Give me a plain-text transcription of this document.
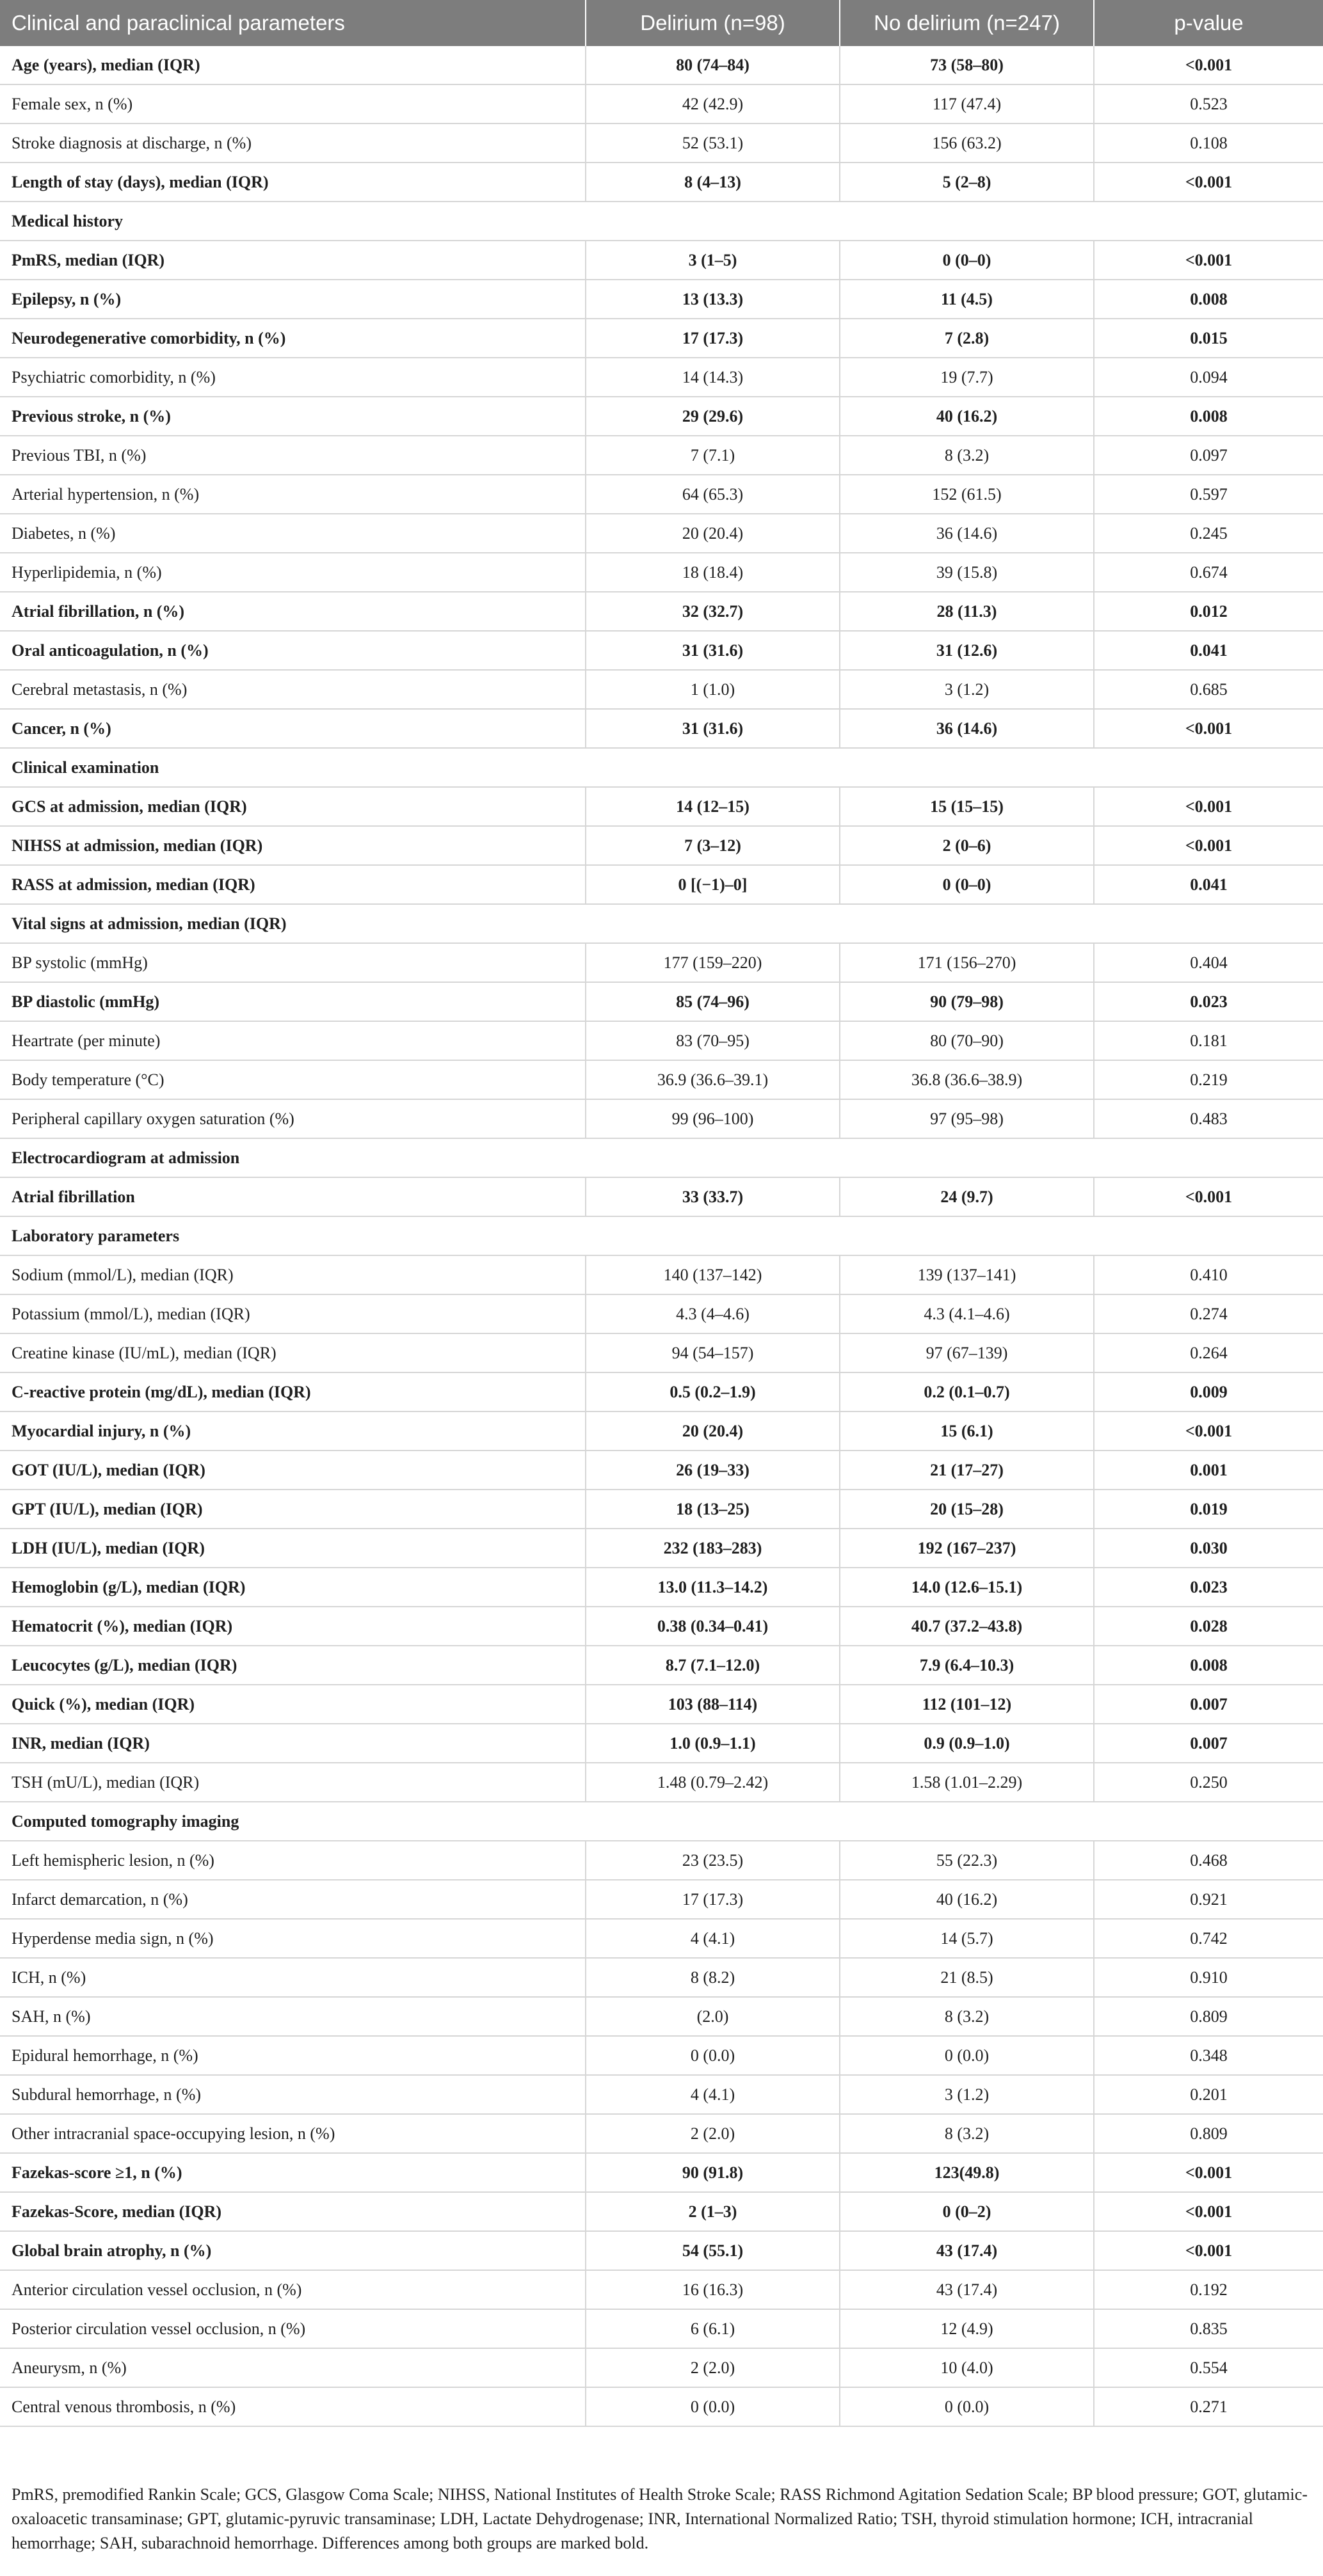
Clinical and paraclinical parameters	Delirium (n=98)	No delirium (n=247)	p-value
Age (years), median (IQR)	80 (74–84)	73 (58–80)	<0.001
Female sex, n (%)	42 (42.9)	117 (47.4)	0.523
Stroke diagnosis at discharge, n (%)	52 (53.1)	156 (63.2)	0.108
Length of stay (days), median (IQR)	8 (4–13)	5 (2–8)	<0.001
Medical history			
PmRS, median (IQR)	3 (1–5)	0 (0–0)	<0.001
Epilepsy, n (%)	13 (13.3)	11 (4.5)	0.008
Neurodegenerative comorbidity, n (%)	17 (17.3)	7 (2.8)	0.015
Psychiatric comorbidity, n (%)	14 (14.3)	19 (7.7)	0.094
Previous stroke, n (%)	29 (29.6)	40 (16.2)	0.008
Previous TBI, n (%)	7 (7.1)	8 (3.2)	0.097
Arterial hypertension, n (%)	64 (65.3)	152 (61.5)	0.597
Diabetes, n (%)	20 (20.4)	36 (14.6)	0.245
Hyperlipidemia, n (%)	18 (18.4)	39 (15.8)	0.674
Atrial fibrillation, n (%)	32 (32.7)	28 (11.3)	0.012
Oral anticoagulation, n (%)	31 (31.6)	31 (12.6)	0.041
Cerebral metastasis, n (%)	1 (1.0)	3 (1.2)	0.685
Cancer, n (%)	31 (31.6)	36 (14.6)	<0.001
Clinical examination			
GCS at admission, median (IQR)	14 (12–15)	15 (15–15)	<0.001
NIHSS at admission, median (IQR)	7 (3–12)	2 (0–6)	<0.001
RASS at admission, median (IQR)	0 [(−1)–0]	0 (0–0)	0.041
Vital signs at admission, median (IQR)			
BP systolic (mmHg)	177 (159–220)	171 (156–270)	0.404
BP diastolic (mmHg)	85 (74–96)	90 (79–98)	0.023
Heartrate (per minute)	83 (70–95)	80 (70–90)	0.181
Body temperature (°C)	36.9 (36.6–39.1)	36.8 (36.6–38.9)	0.219
Peripheral capillary oxygen saturation (%)	99 (96–100)	97 (95–98)	0.483
Electrocardiogram at admission			
Atrial fibrillation	33 (33.7)	24 (9.7)	<0.001
Laboratory parameters			
Sodium (mmol/L), median (IQR)	140 (137–142)	139 (137–141)	0.410
Potassium (mmol/L), median (IQR)	4.3 (4–4.6)	4.3 (4.1–4.6)	0.274
Creatine kinase (IU/mL), median (IQR)	94 (54–157)	97 (67–139)	0.264
C-reactive protein (mg/dL), median (IQR)	0.5 (0.2–1.9)	0.2 (0.1–0.7)	0.009
Myocardial injury, n (%)	20 (20.4)	15 (6.1)	<0.001
GOT (IU/L), median (IQR)	26 (19–33)	21 (17–27)	0.001
GPT (IU/L), median (IQR)	18 (13–25)	20 (15–28)	0.019
LDH (IU/L), median (IQR)	232 (183–283)	192 (167–237)	0.030
Hemoglobin (g/L), median (IQR)	13.0 (11.3–14.2)	14.0 (12.6–15.1)	0.023
Hematocrit (%), median (IQR)	0.38 (0.34–0.41)	40.7 (37.2–43.8)	0.028
Leucocytes (g/L), median (IQR)	8.7 (7.1–12.0)	7.9 (6.4–10.3)	0.008
Quick (%), median (IQR)	103 (88–114)	112 (101–12)	0.007
INR, median (IQR)	1.0 (0.9–1.1)	0.9 (0.9–1.0)	0.007
TSH (mU/L), median (IQR)	1.48 (0.79–2.42)	1.58 (1.01–2.29)	0.250
Computed tomography imaging			
Left hemispheric lesion, n (%)	23 (23.5)	55 (22.3)	0.468
Infarct demarcation, n (%)	17 (17.3)	40 (16.2)	0.921
Hyperdense media sign, n (%)	4 (4.1)	14 (5.7)	0.742
ICH, n (%)	8 (8.2)	21 (8.5)	0.910
SAH, n (%)	(2.0)	8 (3.2)	0.809
Epidural hemorrhage, n (%)	0 (0.0)	0 (0.0)	0.348
Subdural hemorrhage, n (%)	4 (4.1)	3 (1.2)	0.201
Other intracranial space-occupying lesion, n (%)	2 (2.0)	8 (3.2)	0.809
Fazekas-score ≥1, n (%)	90 (91.8)	123(49.8)	<0.001
Fazekas-Score, median (IQR)	2 (1–3)	0 (0–2)	<0.001
Global brain atrophy, n (%)	54 (55.1)	43 (17.4)	<0.001
Anterior circulation vessel occlusion, n (%)	16 (16.3)	43 (17.4)	0.192
Posterior circulation vessel occlusion, n (%)	6 (6.1)	12 (4.9)	0.835
Aneurysm, n (%)	2 (2.0)	10 (4.0)	0.554
Central venous thrombosis, n (%)	0 (0.0)	0 (0.0)	0.271
PmRS, premodified Rankin Scale; GCS, Glasgow Coma Scale; NIHSS, National Institutes of Health Stroke Scale; RASS Richmond Agitation Sedation Scale; BP blood pressure; GOT, glutamic-oxaloacetic transaminase; GPT, glutamic-pyruvic transaminase; LDH, Lactate Dehydrogenase; INR, International Normalized Ratio; TSH, thyroid stimulation hormone; ICH, intracranial hemorrhage; SAH, subarachnoid hemorrhage. Differences among both groups are marked bold.
